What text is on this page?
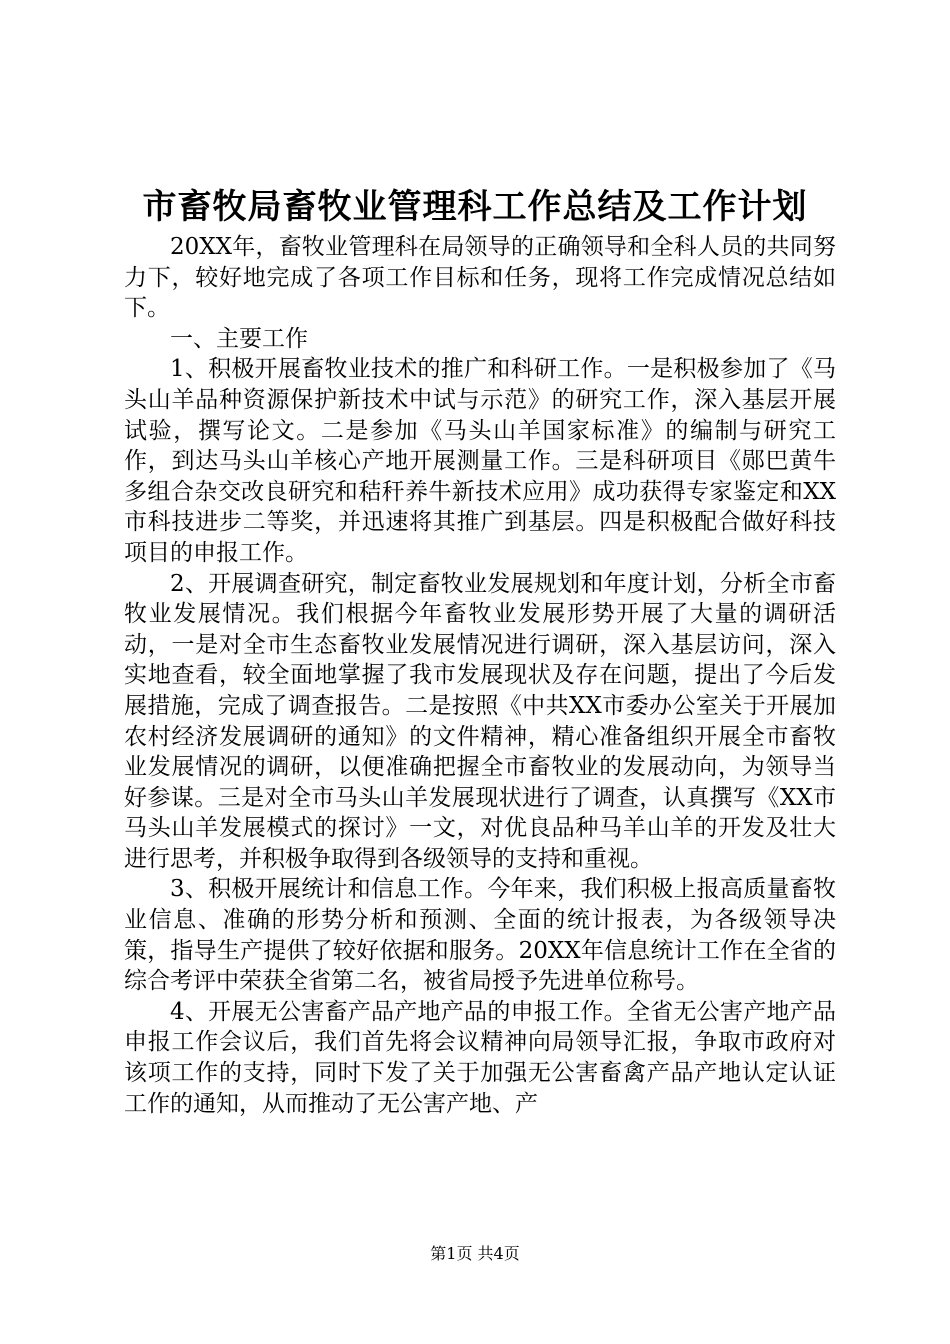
市畜牧局畜牧业管理科工作总结及工作计划

20XX年，畜牧业管理科在局领导的正确领导和全科人员的共同努力下，较好地完成了各项工作目标和任务，现将工作完成情况总结如下。

一、主要工作

1、积极开展畜牧业技术的推广和科研工作。一是积极参加了《马头山羊品种资源保护新技术中试与示范》的研究工作，深入基层开展试验，撰写论文。二是参加《马头山羊国家标准》的编制与研究工作，到达马头山羊核心产地开展测量工作。三是科研项目《郧巴黄牛多组合杂交改良研究和秸秆养牛新技术应用》成功获得专家鉴定和XX市科技进步二等奖，并迅速将其推广到基层。四是积极配合做好科技项目的申报工作。

2、开展调查研究，制定畜牧业发展规划和年度计划，分析全市畜牧业发展情况。我们根据今年畜牧业发展形势开展了大量的调研活动，一是对全市生态畜牧业发展情况进行调研，深入基层访问，深入实地查看，较全面地掌握了我市发展现状及存在问题，提出了今后发展措施，完成了调查报告。二是按照《中共XX市委办公室关于开展加农村经济发展调研的通知》的文件精神，精心准备组织开展全市畜牧业发展情况的调研，以便准确把握全市畜牧业的发展动向，为领导当好参谋。三是对全市马头山羊发展现状进行了调查，认真撰写《XX市马头山羊发展模式的探讨》一文，对优良品种马羊山羊的开发及壮大进行思考，并积极争取得到各级领导的支持和重视。

3、积极开展统计和信息工作。今年来，我们积极上报高质量畜牧业信息、准确的形势分析和预测、全面的统计报表，为各级领导决策，指导生产提供了较好依据和服务。20XX年信息统计工作在全省的综合考评中荣获全省第二名，被省局授予先进单位称号。

4、开展无公害畜产品产地产品的申报工作。全省无公害产地产品申报工作会议后，我们首先将会议精神向局领导汇报，争取市政府对该项工作的支持，同时下发了关于加强无公害畜禽产品产地认定认证工作的通知，从而推动了无公害产地、产

第1页 共4页
